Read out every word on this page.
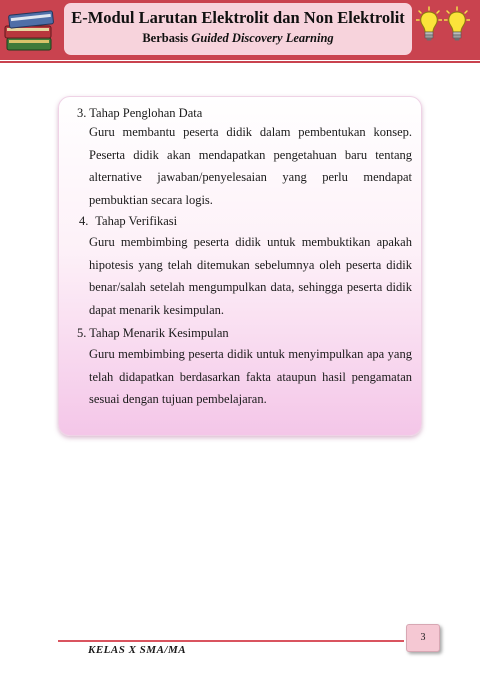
E-Modul Larutan Elektrolit dan Non Elektrolit
Berbasis Guided Discovery Learning
3. Tahap Penglohan Data

Guru membantu peserta didik dalam pembentukan konsep. Peserta didik akan mendapatkan pengetahuan baru tentang alternative jawaban/penyelesaian yang perlu mendapat pembuktian secara logis.

4. Tahap Verifikasi

Guru membimbing peserta didik untuk membuktikan apakah hipotesis yang telah ditemukan sebelumnya oleh peserta didik benar/salah setelah mengumpulkan data, sehingga peserta didik dapat menarik kesimpulan.

5. Tahap Menarik Kesimpulan

Guru membimbing peserta didik untuk menyimpulkan apa yang telah didapatkan berdasarkan fakta ataupun hasil pengamatan sesuai dengan tujuan pembelajaran.

3
KELAS X SMA/MA
